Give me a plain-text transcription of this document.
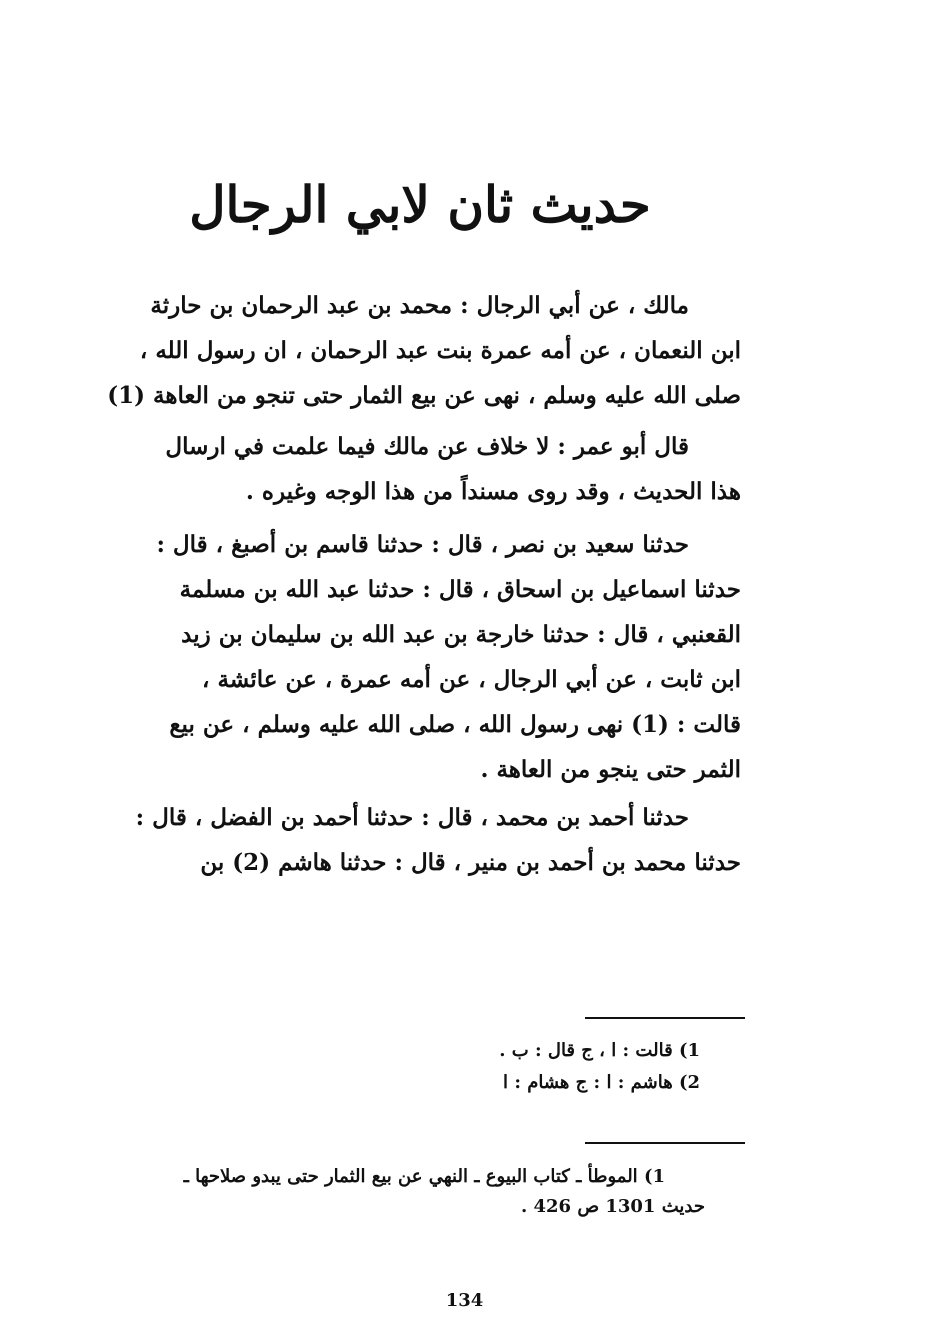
حديث ثان لابي الرجال

مالك ، عن أبي الرجال : محمد بن عبد الرحمان بن حارثة
ابن النعمان ، عن أمه عمرة بنت عبد الرحمان ، ان رسول الله ،
صلى الله عليه وسلم ، نهى عن بيع الثمار حتى تنجو من العاهة (1)

قال أبو عمر : لا خلاف عن مالك فيما علمت في ارسال
هذا الحديث ، وقد روى مسنداً من هذا الوجه وغيره .

حدثنا سعيد بن نصر ، قال : حدثنا قاسم بن أصبغ ، قال :
حدثنا اسماعيل بن اسحاق ، قال : حدثنا عبد الله بن مسلمة
القعنبي ، قال : حدثنا خارجة بن عبد الله بن سليمان بن زيد
ابن ثابت ، عن أبي الرجال ، عن أمه عمرة ، عن عائشة ،
قالت : (1) نهى رسول الله ، صلى الله عليه وسلم ، عن بيع
الثمر حتى ينجو من العاهة .

حدثنا أحمد بن محمد ، قال : حدثنا أحمد بن الفضل ، قال :
حدثنا محمد بن أحمد بن منير ، قال : حدثنا هاشم (2) بن

1) قالت : ا ، ج قال : ب .
2) هاشم : ا : ج هشام : ا
1) الموطأ ـ كتاب البيوع ـ النهي عن بيع الثمار حتى يبدو صلاحها ـ
حديث 1301 ص 426 .
134
